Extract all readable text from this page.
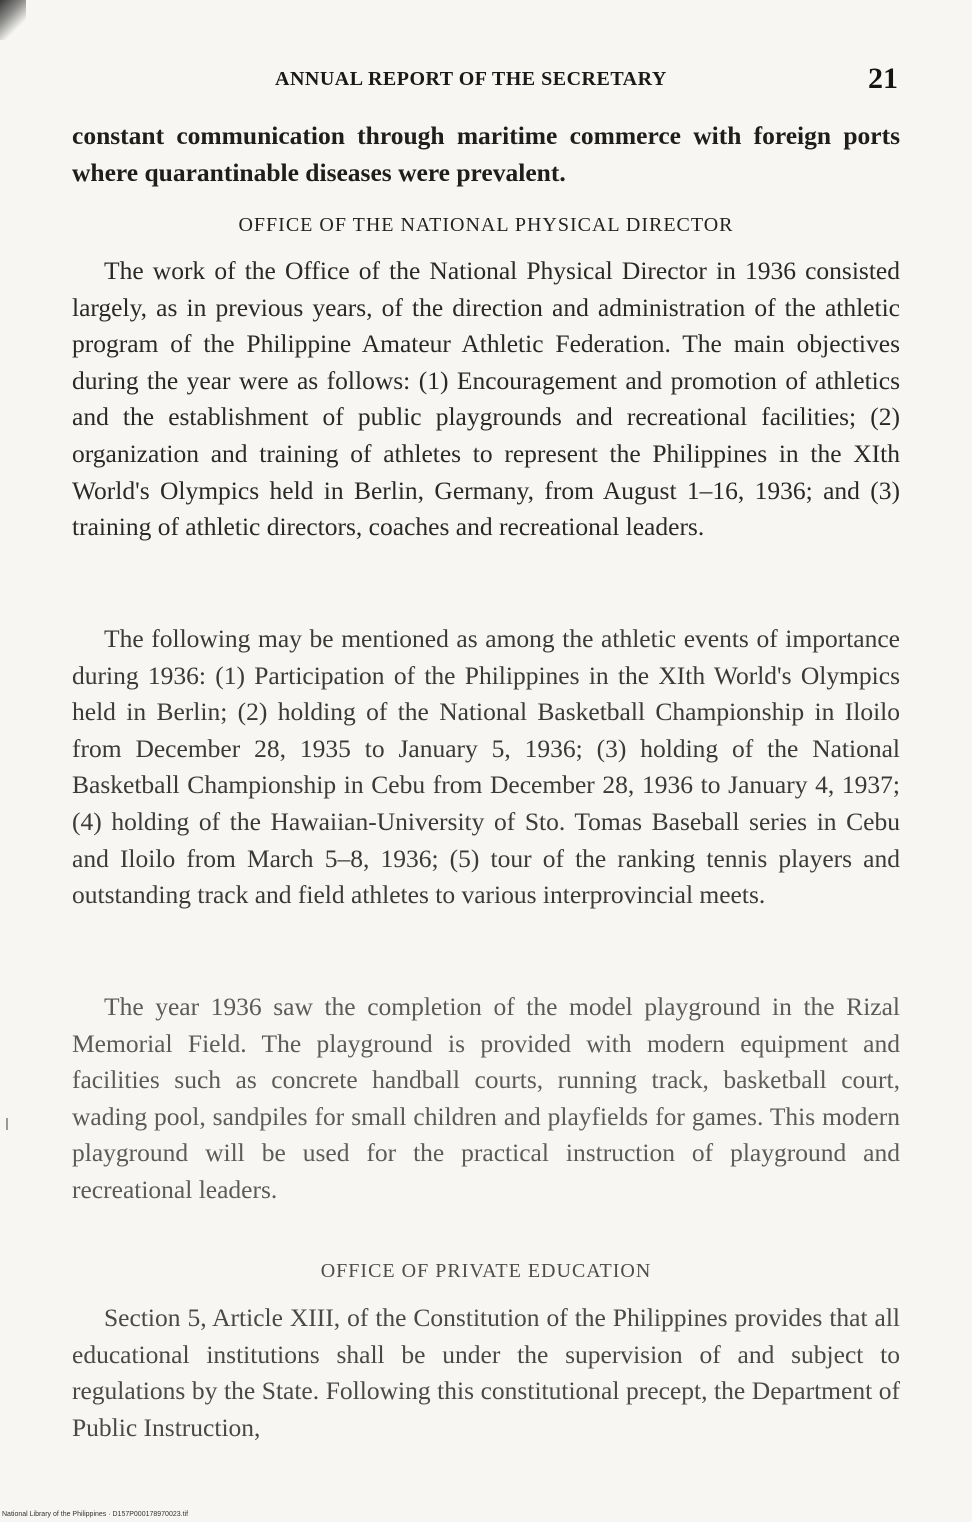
ANNUAL REPORT OF THE SECRETARY	21

constant communication through maritime commerce with foreign ports where quarantinable diseases were prevalent.

OFFICE OF THE NATIONAL PHYSICAL DIRECTOR

The work of the Office of the National Physical Director in 1936 consisted largely, as in previous years, of the direction and administration of the athletic program of the Philippine Amateur Athletic Federation. The main objectives during the year were as follows: (1) Encouragement and promotion of athletics and the establishment of public playgrounds and recreational facilities; (2) organization and training of athletes to represent the Philippines in the XIth World's Olympics held in Berlin, Germany, from August 1–16, 1936; and (3) training of athletic directors, coaches and recreational leaders.

The following may be mentioned as among the athletic events of importance during 1936: (1) Participation of the Philippines in the XIth World's Olympics held in Berlin; (2) holding of the National Basketball Championship in Iloilo from December 28, 1935 to January 5, 1936; (3) holding of the National Basketball Championship in Cebu from December 28, 1936 to January 4, 1937; (4) holding of the Hawaiian-University of Sto. Tomas Baseball series in Cebu and Iloilo from March 5–8, 1936; (5) tour of the ranking tennis players and outstanding track and field athletes to various interprovincial meets.

The year 1936 saw the completion of the model playground in the Rizal Memorial Field. The playground is provided with modern equipment and facilities such as concrete handball courts, running track, basketball court, wading pool, sandpiles for small children and playfields for games. This modern playground will be used for the practical instruction of playground and recreational leaders.

OFFICE OF PRIVATE EDUCATION

Section 5, Article XIII, of the Constitution of the Philippines provides that all educational institutions shall be under the supervision of and subject to regulations by the State. Following this constitutional precept, the Department of Public Instruction,

National Library of the Philippines · D157P000178970023.tif
